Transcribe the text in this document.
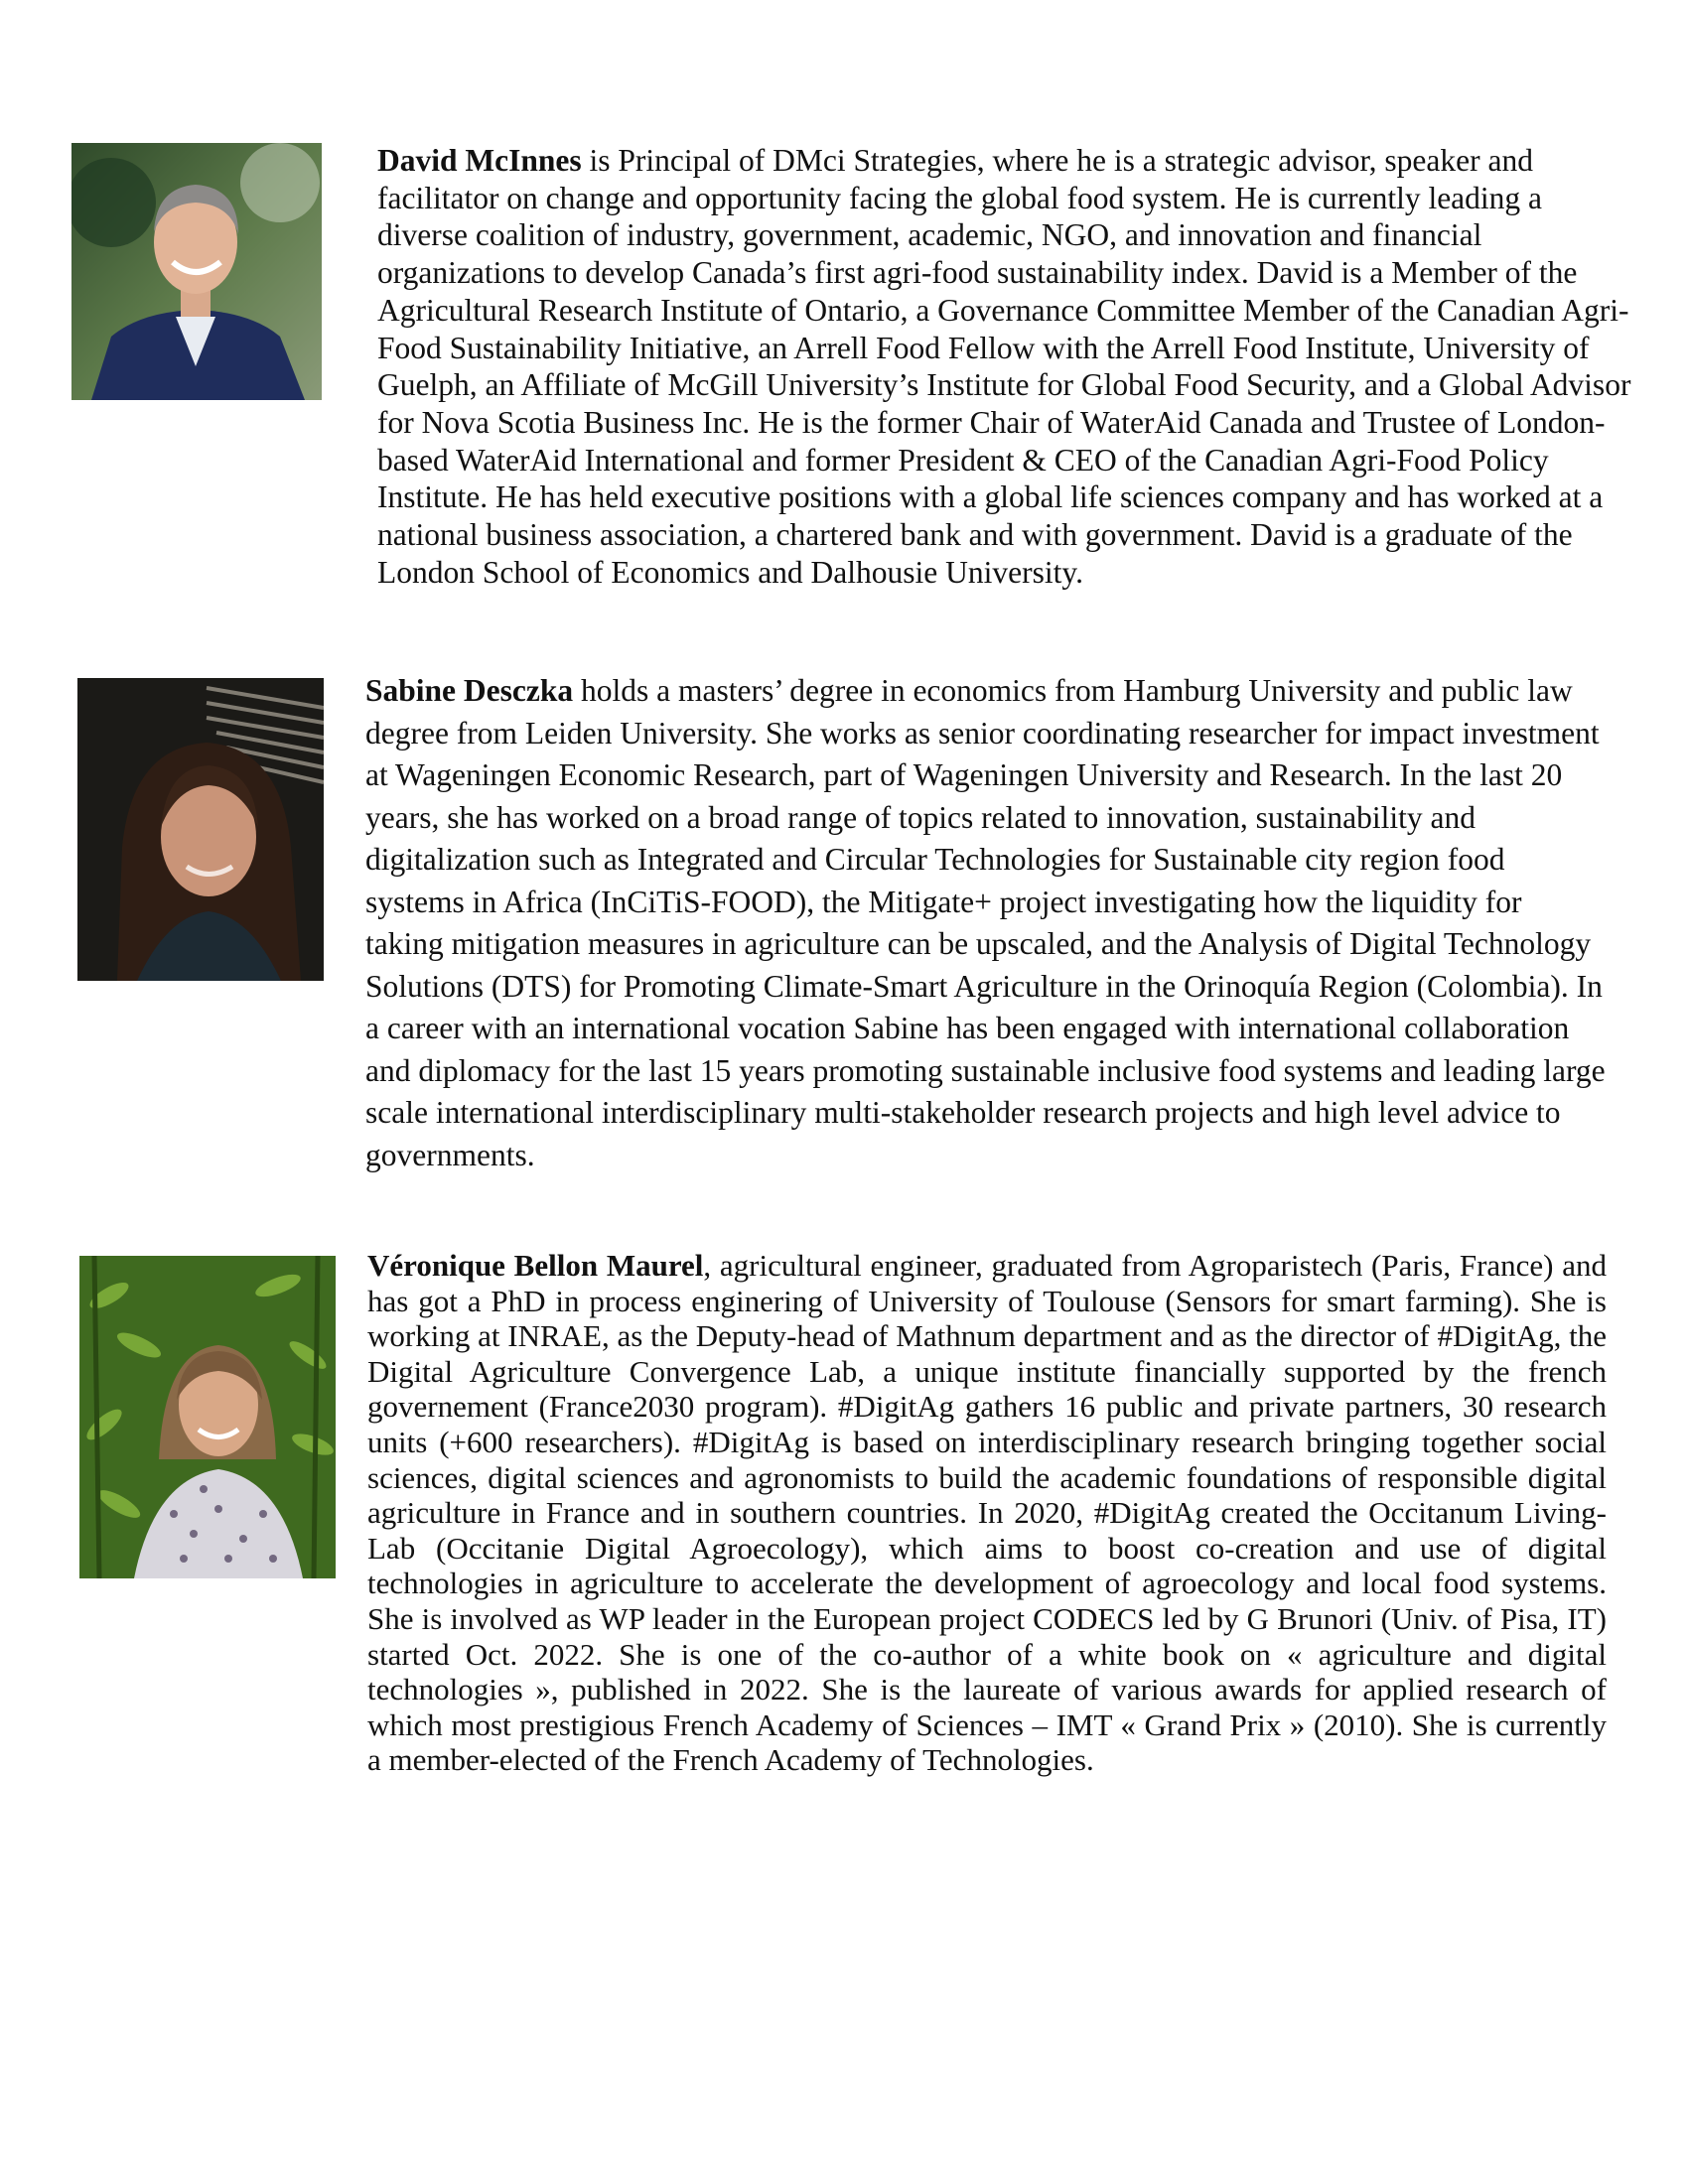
David McInnes is Principal of DMci Strategies, where he is a strategic advisor, speaker and facilitator on change and opportunity facing the global food system. He is currently leading a diverse coalition of industry, government, academic, NGO, and innovation and financial organizations to develop Canada’s first agri-food sustainability index. David is a Member of the Agricultural Research Institute of Ontario, a Governance Committee Member of the Canadian Agri-Food Sustainability Initiative, an Arrell Food Fellow with the Arrell Food Institute, University of Guelph, an Affiliate of McGill University’s Institute for Global Food Security, and a Global Advisor for Nova Scotia Business Inc. He is the former Chair of WaterAid Canada and Trustee of London-based WaterAid International and former President & CEO of the Canadian Agri-Food Policy Institute. He has held executive positions with a global life sciences company and has worked at a national business association, a chartered bank and with government. David is a graduate of the London School of Economics and Dalhousie University.

Sabine Desczka holds a masters’ degree in economics from Hamburg University and public law degree from Leiden University. She works as senior coordinating researcher for impact investment at Wageningen Economic Research, part of Wageningen University and Research. In the last 20 years, she has worked on a broad range of topics related to innovation, sustainability and digitalization such as Integrated and Circular Technologies for Sustainable city region food systems in Africa (InCiTiS-FOOD), the Mitigate+ project investigating how the liquidity for taking mitigation measures in agriculture can be upscaled, and the Analysis of Digital Technology Solutions (DTS) for Promoting Climate-Smart Agriculture in the Orinoquía Region (Colombia). In a career with an international vocation Sabine has been engaged with international collaboration and diplomacy for the last 15 years promoting sustainable inclusive food systems and leading large scale international interdisciplinary multi-stakeholder research projects and high level advice to governments.

Véronique Bellon Maurel, agricultural engineer, graduated from Agroparistech (Paris, France) and has got a PhD in process enginering of University of Toulouse (Sensors for smart farming). She is working at INRAE, as the Deputy-head of Mathnum department and as the director of #DigitAg, the Digital Agriculture Convergence Lab, a unique institute financially supported by the french governement (France2030 program). #DigitAg gathers 16 public and private partners, 30 research units (+600 researchers). #DigitAg is based on interdisciplinary research bringing together social sciences, digital sciences and agronomists to build the academic foundations of responsible digital agriculture in France and in southern countries. In 2020, #DigitAg created the Occitanum Living-Lab (Occitanie Digital Agroecology), which aims to boost co-creation and use of digital technologies in agriculture to accelerate the development of agroecology and local food systems. She is involved as WP leader in the European project CODECS led by G Brunori (Univ. of Pisa, IT) started Oct. 2022. She is one of the co-author of a white book on « agriculture and digital technologies », published in 2022. She is the laureate of various awards for applied research of which most prestigious French Academy of Sciences – IMT « Grand Prix » (2010). She is currently a member-elected of the French Academy of Technologies.
